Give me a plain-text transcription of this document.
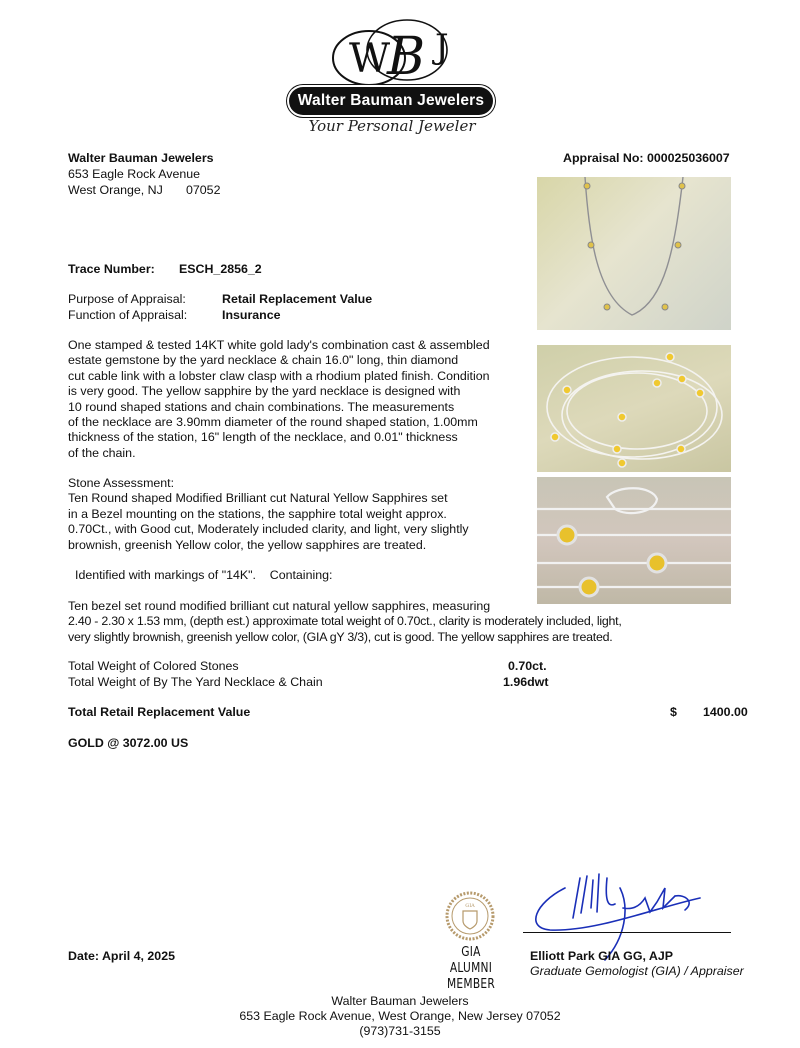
W
B J
Walter Bauman Jewelers
Your Personal Jeweler
Walter Bauman Jewelers
653 Eagle Rock Avenue
West Orange, NJ 07052
Appraisal No: 000025036007
Trace Number: ESCH_2856_2
Purpose of Appraisal:	Retail Replacement Value
Function of Appraisal:	Insurance
One stamped & tested 14KT white gold lady's combination cast & assembled
estate gemstone by the yard necklace & chain 16.0" long, thin diamond
cut cable link with a lobster claw clasp with a rhodium plated finish. Condition
is very good. The yellow sapphire by the yard necklace is designed with
10 round shaped stations and chain combinations. The measurements
of the necklace are 3.90mm diameter of the round shaped station, 1.00mm
thickness of the station, 16" length of the necklace, and 0.01" thickness
of the chain.
Stone Assessment:
Ten Round shaped Modified Brilliant cut Natural Yellow Sapphires set
in a Bezel mounting on the stations, the sapphire total weight approx.
0.70Ct., with Good cut, Moderately included clarity, and light, very slightly
brownish, greenish Yellow color, the yellow sapphires are treated.
Identified with markings of "14K".    Containing:
Ten bezel set round modified brilliant cut natural yellow sapphires, measuring
2.40 - 2.30 x 1.53 mm, (depth est.) approximate total weight of 0.70ct., clarity is moderately included, light,
very slightly brownish, greenish yellow color, (GIA gY 3/3), cut is good. The yellow sapphires are treated.
Total Weight of Colored Stones	0.70ct.
Total Weight of By The Yard Necklace & Chain	1.96dwt
Total Retail Replacement Value	$ 1400.00
GOLD @ 3072.00 US
Date: April 4, 2025
GIA
GIA ALUMNI
MEMBER
Elliott Park GIA GG, AJP
Graduate Gemologist (GIA) / Appraiser
Walter Bauman Jewelers
653 Eagle Rock Avenue, West Orange, New Jersey 07052
(973)731-3155
